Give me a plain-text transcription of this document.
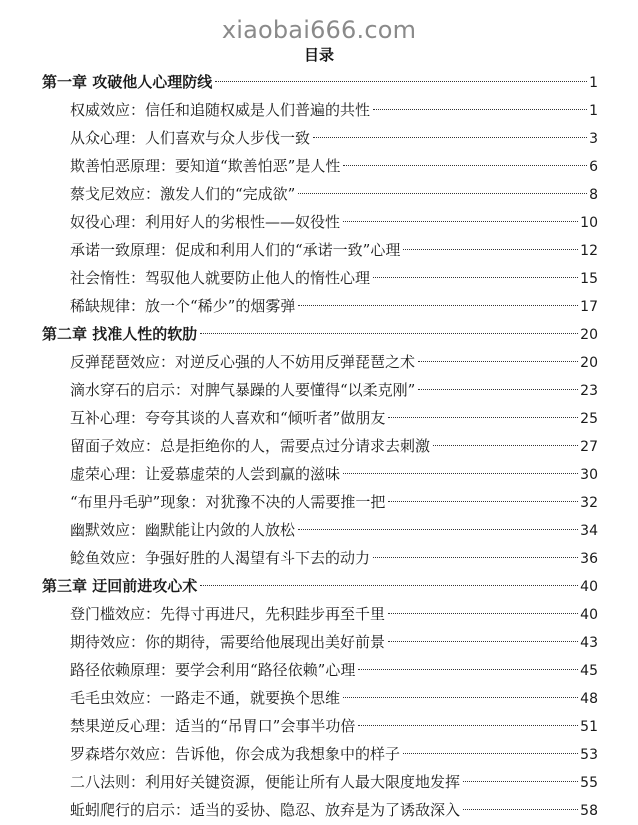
xiaobai666.com
目录
第一章 攻破他人心理防线	1
权威效应：信任和追随权威是人们普遍的共性	1
从众心理：人们喜欢与众人步伐一致	3
欺善怕恶原理：要知道“欺善怕恶”是人性	6
蔡戈尼效应：激发人们的“完成欲”	8
奴役心理：利用好人的劣根性——奴役性	10
承诺一致原理：促成和利用人们的“承诺一致”心理	12
社会惰性：驾驭他人就要防止他人的惰性心理	15
稀缺规律：放一个“稀少”的烟雾弹	17
第二章 找准人性的软肋	20
反弹琵琶效应：对逆反心强的人不妨用反弹琵琶之术	20
滴水穿石的启示：对脾气暴躁的人要懂得“以柔克刚”	23
互补心理：夸夸其谈的人喜欢和“倾听者”做朋友	25
留面子效应：总是拒绝你的人，需要点过分请求去刺激	27
虚荣心理：让爱慕虚荣的人尝到赢的滋味	30
“布里丹毛驴”现象：对犹豫不决的人需要推一把	32
幽默效应：幽默能让内敛的人放松	34
鲶鱼效应：争强好胜的人渴望有斗下去的动力	36
第三章 迂回前进攻心术	40
登门槛效应：先得寸再进尺，先积跬步再至千里	40
期待效应：你的期待，需要给他展现出美好前景	43
路径依赖原理：要学会利用“路径依赖”心理	45
毛毛虫效应：一路走不通，就要换个思维	48
禁果逆反心理：适当的“吊胃口”会事半功倍	51
罗森塔尔效应：告诉他，你会成为我想象中的样子	53
二八法则：利用好关键资源，便能让所有人最大限度地发挥	55
蚯蚓爬行的启示：适当的妥协、隐忍、放弃是为了诱敌深入	58
